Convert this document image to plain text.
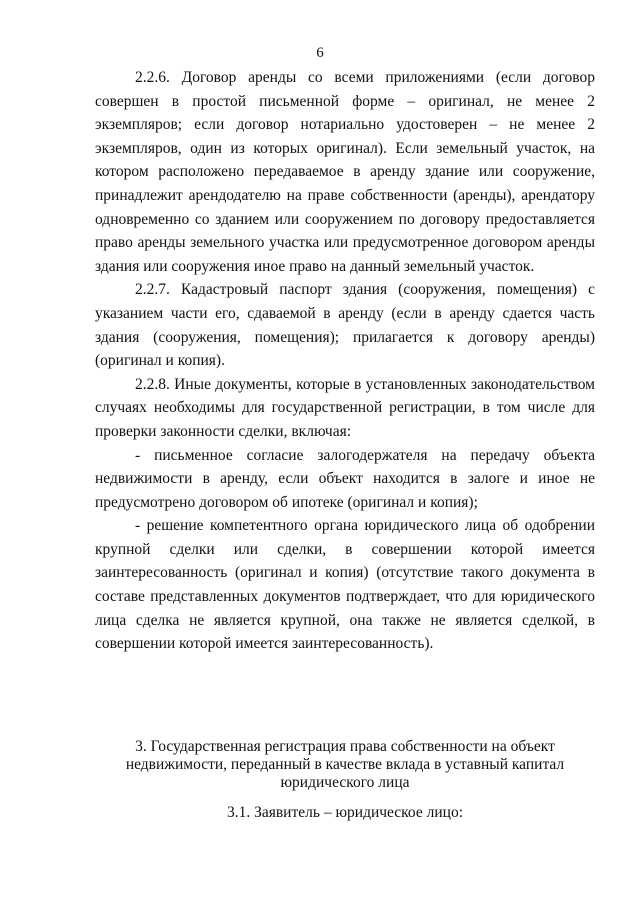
6

2.2.6. Договор аренды со всеми приложениями (если договор совершен в простой письменной форме – оригинал, не менее 2 экземпляров; если договор нотариально удостоверен – не менее 2 экземпляров, один из которых оригинал). Если земельный участок, на котором расположено передаваемое в аренду здание или сооружение, принадлежит арендодателю на праве собственности (аренды), арендатору одновременно со зданием или сооружением по договору предоставляется право аренды земельного участка или предусмотренное договором аренды здания или сооружения иное право на данный земельный участок.

2.2.7. Кадастровый паспорт здания (сооружения, помещения) с указанием части его, сдаваемой в аренду (если в аренду сдается часть здания (сооружения, помещения); прилагается к договору аренды) (оригинал и копия).

2.2.8. Иные документы, которые в установленных законодательством случаях необходимы для государственной регистрации, в том числе для проверки законности сделки, включая:

- письменное согласие залогодержателя на передачу объекта недвижимости в аренду, если объект находится в залоге и иное не предусмотрено договором об ипотеке (оригинал и копия);

- решение компетентного органа юридического лица об одобрении крупной сделки или сделки, в совершении которой имеется заинтересованность (оригинал и копия) (отсутствие такого документа в составе представленных документов подтверждает, что для юридического лица сделка не является крупной, она также не является сделкой, в совершении которой имеется заинтересованность).

3. Государственная регистрация права собственности на объект недвижимости, переданный в качестве вклада в уставный капитал юридического лица
3.1. Заявитель – юридическое лицо:
